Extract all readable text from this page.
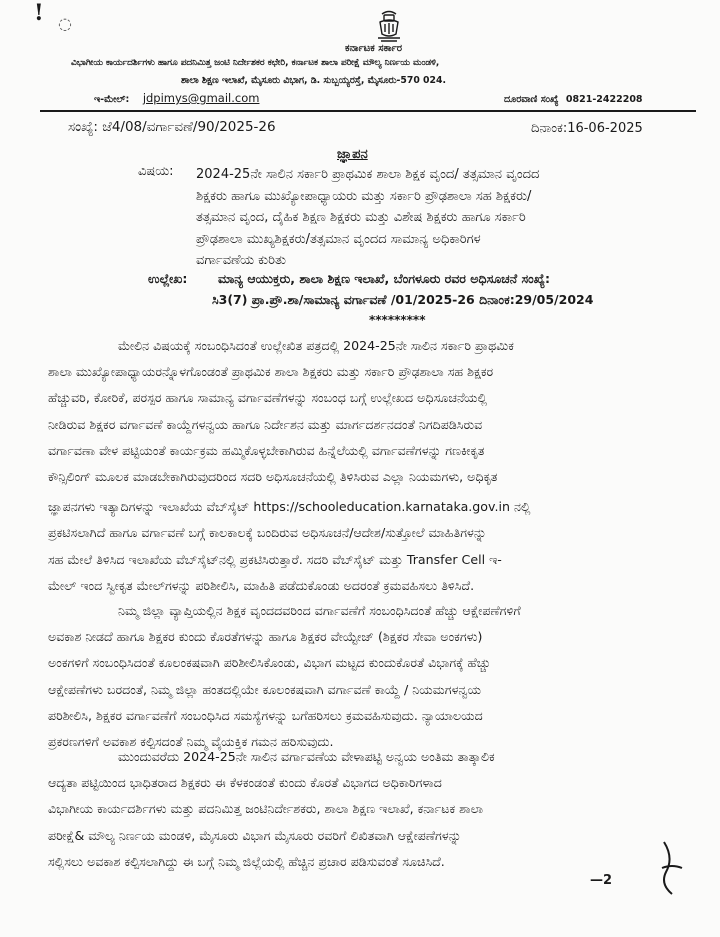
! ◌
ಕರ್ನಾಟಕ ಸರ್ಕಾರ
ವಿಭಾಗೀಯ ಕಾರ್ಯದರ್ಶಿಗಳು ಹಾಗೂ ಪದನಿಮಿತ್ತ ಜಂಟಿ ನಿರ್ದೇಶಕರ ಕಛೇರಿ, ಕರ್ನಾಟಕ ಶಾಲಾ ಪರೀಕ್ಷೆ ಮೌಲ್ಯ ನಿರ್ಣಯ ಮಂಡಳಿ,
ಶಾಲಾ ಶಿಕ್ಷಣ ಇಲಾಖೆ, ಮೈಸೂರು ವಿಭಾಗ, ಡಿ. ಸುಬ್ಬಯ್ಯರಸ್ತೆ, ಮೈಸೂರು-570 024.
ಇ-ಮೇಲ್: jdpimys@gmail.com	ದೂರವಾಣಿ ಸಂಖ್ಯೆ 0821-2422208
ಸಂಖ್ಯೆ: ಜೆ4/08/ವರ್ಗಾವಣೆ/90/2025-26	ದಿನಾಂಕ:16-06-2025
ಜ್ಞಾಪನ
ವಿಷಯ: 2024-25ನೇ ಸಾಲಿನ ಸರ್ಕಾರಿ ಪ್ರಾಥಮಿಕ ಶಾಲಾ ಶಿಕ್ಷಕ ವೃಂದ/ ತತ್ಸಮಾನ ವೃಂದದ
ಶಿಕ್ಷಕರು ಹಾಗೂ ಮುಖ್ಯೋಪಾಧ್ಯಾಯರು ಮತ್ತು ಸರ್ಕಾರಿ ಪ್ರೌಢಶಾಲಾ ಸಹ ಶಿಕ್ಷಕರು/
ತತ್ಸಮಾನ ವೃಂದ, ದೈಹಿಕ ಶಿಕ್ಷಣ ಶಿಕ್ಷಕರು ಮತ್ತು ವಿಶೇಷ ಶಿಕ್ಷಕರು ಹಾಗೂ ಸರ್ಕಾರಿ
ಪ್ರೌಢಶಾಲಾ ಮುಖ್ಯಶಿಕ್ಷಕರು/ತತ್ಸಮಾನ ವೃಂದದ ಸಾಮಾನ್ಯ ಅಧಿಕಾರಿಗಳ
ವರ್ಗಾವಣೆಯ ಕುರಿತು
ಉಲ್ಲೇಖ: ಮಾನ್ಯ ಆಯುಕ್ತರು, ಶಾಲಾ ಶಿಕ್ಷಣ ಇಲಾಖೆ, ಬೆಂಗಳೂರು ರವರ ಅಧಿಸೂಚನೆ ಸಂಖ್ಯೆ:
ಸಿ3(7) ಪ್ರಾ.ಪ್ರೌ.ಶಾ/ಸಾಮಾನ್ಯ ವರ್ಗಾವಣೆ /01/2025-26 ದಿನಾಂಕ:29/05/2024
*********
ಮೇಲಿನ ವಿಷಯಕ್ಕೆ ಸಂಬಂಧಿಸಿದಂತೆ ಉಲ್ಲೇಖಿತ ಪತ್ರದಲ್ಲಿ 2024-25ನೇ ಸಾಲಿನ ಸರ್ಕಾರಿ ಪ್ರಾಥಮಿಕ
ಶಾಲಾ ಮುಖ್ಯೋಪಾಧ್ಯಾಯರನ್ನೊಳಗೊಂಡಂತೆ ಪ್ರಾಥಮಿಕ ಶಾಲಾ ಶಿಕ್ಷಕರು ಮತ್ತು ಸರ್ಕಾರಿ ಪ್ರೌಢಶಾಲಾ ಸಹ ಶಿಕ್ಷಕರ
ಹೆಚ್ಚುವರಿ, ಕೋರಿಕೆ, ಪರಸ್ಪರ ಹಾಗೂ ಸಾಮಾನ್ಯ ವರ್ಗಾವಣೆಗಳನ್ನು ಸಂಬಂಧ ಬಗ್ಗೆ ಉಲ್ಲೇಖದ ಅಧಿಸೂಚನೆಯಲ್ಲಿ
ನೀಡಿರುವ ಶಿಕ್ಷಕರ ವರ್ಗಾವಣೆ ಕಾಯ್ದೆಗಳನ್ವಯ ಹಾಗೂ ನಿರ್ದೇಶನ ಮತ್ತು ಮಾರ್ಗದರ್ಶನದಂತೆ ನಿಗದಿಪಡಿಸಿರುವ
ವರ್ಗಾವಣಾ ವೇಳ ಪಟ್ಟಿಯಂತೆ ಕಾರ್ಯಕ್ರಮ ಹಮ್ಮಿಕೊಳ್ಳಬೇಕಾಗಿರುವ ಹಿನ್ನೆಲೆಯಲ್ಲಿ ವರ್ಗಾವಣೆಗಳನ್ನು ಗಣಕೀಕೃತ
ಕೌನ್ಸಿಲಿಂಗ್ ಮೂಲಕ ಮಾಡಬೇಕಾಗಿರುವುದರಿಂದ ಸದರಿ ಅಧಿಸೂಚನೆಯಲ್ಲಿ ತಿಳಿಸಿರುವ ಎಲ್ಲಾ ನಿಯಮಗಳು, ಅಧಿಕೃತ
ಜ್ಞಾಪನಗಳು ಇತ್ಯಾದಿಗಳನ್ನು ಇಲಾಖೆಯ ವೆಬ್‌ಸೈಟ್ https://schooleducation.karnataka.gov.in ನಲ್ಲಿ
ಪ್ರಕಟಿಸಲಾಗಿದೆ ಹಾಗೂ ವರ್ಗಾವಣೆ ಬಗ್ಗೆ ಕಾಲಕಾಲಕ್ಕೆ ಬಂದಿರುವ ಅಧಿಸೂಚನೆ/ಆದೇಶ/ಸುತ್ತೋಲೆ ಮಾಹಿತಿಗಳನ್ನು
ಸಹ ಮೇಲೆ ತಿಳಿಸಿದ ಇಲಾಖೆಯ ವೆಬ್‌ಸೈಟ್‌ನಲ್ಲಿ ಪ್ರಕಟಿಸಿರುತ್ತಾರೆ. ಸದರಿ ವೆಬ್‌ಸೈಟ್ ಮತ್ತು Transfer Cell ಇ-
ಮೇಲ್ ಇಂದ ಸ್ವೀಕೃತ ಮೇಲ್‌ಗಳನ್ನು ಪರಿಶೀಲಿಸಿ, ಮಾಹಿತಿ ಪಡೆದುಕೊಂಡು ಅದರಂತೆ ಕ್ರಮವಹಿಸಲು ತಿಳಿಸಿದೆ.
ನಿಮ್ಮ ಜಿಲ್ಲಾ ವ್ಯಾಪ್ತಿಯಲ್ಲಿನ ಶಿಕ್ಷಕ ವೃಂದದವರಿಂದ ವರ್ಗಾವಣೆಗೆ ಸಂಬಂಧಿಸಿದಂತೆ ಹೆಚ್ಚು ಆಕ್ಷೇಪಣೆಗಳಿಗೆ
ಅವಕಾಶ ನೀಡದೆ ಹಾಗೂ ಶಿಕ್ಷಕರ ಕುಂದು ಕೊರತೆಗಳನ್ನು ಹಾಗೂ ಶಿಕ್ಷಕರ ವೇಯ್ಟೇಜ್ (ಶಿಕ್ಷಕರ ಸೇವಾ ಅಂಕಗಳು)
ಅಂಕಗಳಿಗೆ ಸಂಬಂಧಿಸಿದಂತೆ ಕೂಲಂಕಷವಾಗಿ ಪರಿಶೀಲಿಸಿಕೊಂಡು, ವಿಭಾಗ ಮಟ್ಟದ ಕುಂದುಕೊರತೆ ವಿಭಾಗಕ್ಕೆ ಹೆಚ್ಚು
ಆಕ್ಷೇಪಣೆಗಳು ಬರದಂತೆ, ನಿಮ್ಮ ಜಿಲ್ಲಾ ಹಂತದಲ್ಲಿಯೇ ಕೂಲಂಕಷವಾಗಿ ವರ್ಗಾವಣೆ ಕಾಯ್ದೆ / ನಿಯಮಗಳನ್ವಯ
ಪರಿಶೀಲಿಸಿ, ಶಿಕ್ಷಕರ ವರ್ಗಾವಣೆಗೆ ಸಂಬಂಧಿಸಿದ ಸಮಸ್ಯೆಗಳನ್ನು ಬಗೆಹರಿಸಲು ಕ್ರಮವಹಿಸುವುದು. ನ್ಯಾಯಾಲಯದ
ಪ್ರಕರಣಗಳಿಗೆ ಅವಕಾಶ ಕಲ್ಪಿಸದಂತೆ ನಿಮ್ಮ ವೈಯಕ್ತಿಕ ಗಮನ ಹರಿಸುವುದು.
ಮುಂದುವರೆದು 2024-25ನೇ ಸಾಲಿನ ವರ್ಗಾವಣೆಯ ವೇಳಾಪಟ್ಟಿ ಅನ್ವಯ ಅಂತಿಮ ತಾತ್ಕಾಲಿಕ
ಆದ್ಯತಾ ಪಟ್ಟಿಯಿಂದ ಭಾಧಿತರಾದ ಶಿಕ್ಷಕರು ಈ ಕೆಳಕಂಡಂತೆ ಕುಂದು ಕೊರತೆ ವಿಭಾಗದ ಅಧಿಕಾರಿಗಳಾದ
ವಿಭಾಗೀಯ ಕಾರ್ಯದರ್ಶಿಗಳು ಮತ್ತು ಪದನಿಮಿತ್ತ ಜಂಟಿನಿರ್ದೇಶಕರು, ಶಾಲಾ ಶಿಕ್ಷಣ ಇಲಾಖೆ, ಕರ್ನಾಟಕ ಶಾಲಾ
ಪರೀಕ್ಷೆ& ಮೌಲ್ಯ ನಿರ್ಣಯ ಮಂಡಳಿ, ಮೈಸೂರು ವಿಭಾಗ ಮೈಸೂರು ರವರಿಗೆ ಲಿಖಿತವಾಗಿ ಆಕ್ಷೇಪಣೆಗಳನ್ನು
ಸಲ್ಲಿಸಲು ಅವಕಾಶ ಕಲ್ಪಿಸಲಾಗಿದ್ದು ಈ ಬಗ್ಗೆ ನಿಮ್ಮ ಜಿಲ್ಲೆಯಲ್ಲಿ ಹೆಚ್ಚಿನ ಪ್ರಚಾರ ಪಡಿಸುವಂತೆ ಸೂಚಿಸಿದೆ.
—2
